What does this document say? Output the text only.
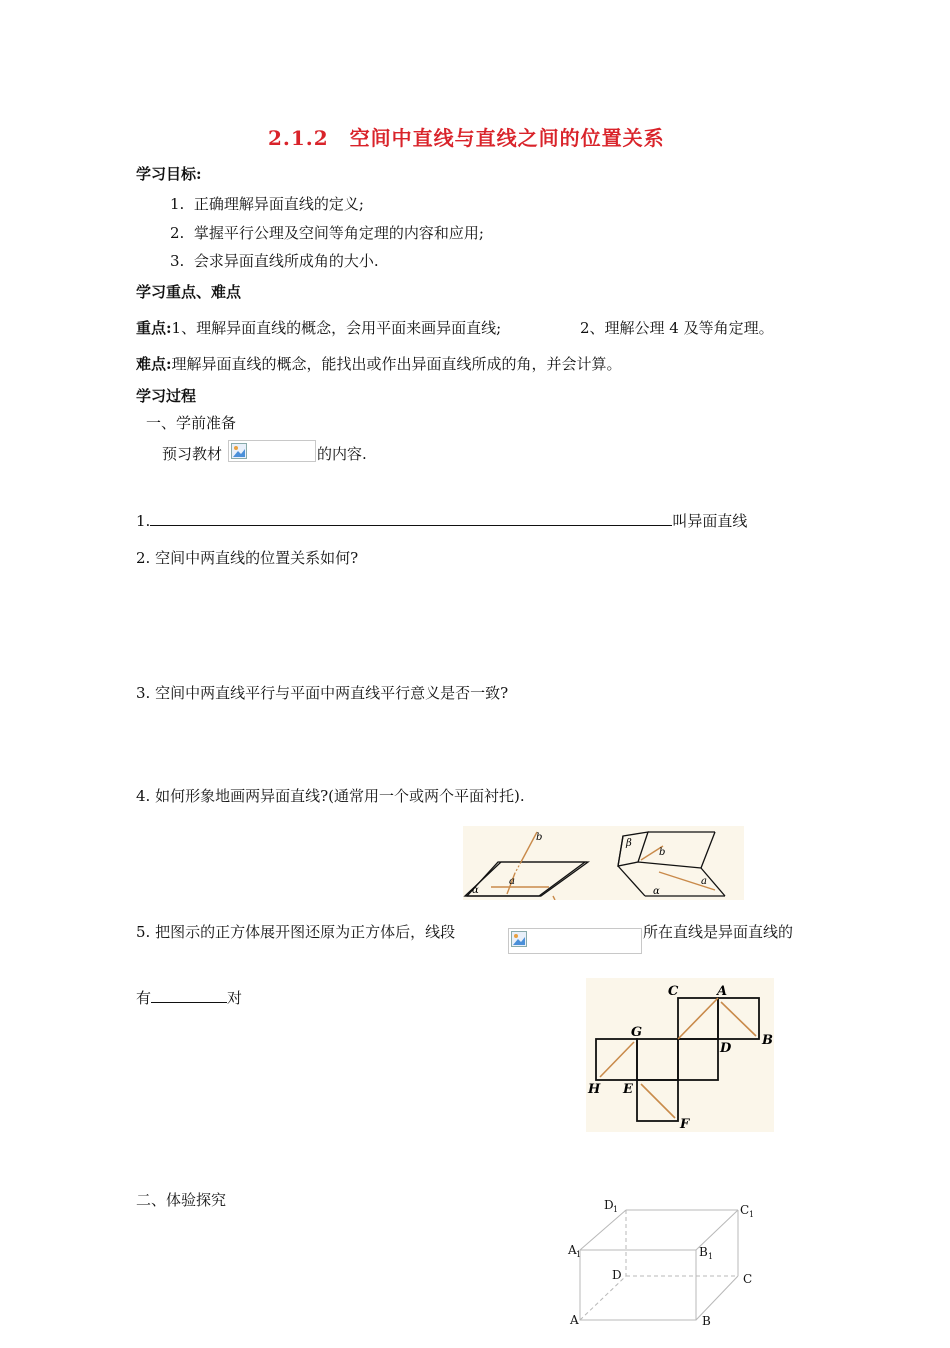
2.1.2　空间中直线与直线之间的位置关系
学习目标:
1. 正确理解异面直线的定义;
2. 掌握平行公理及空间等角定理的内容和应用;
3. 会求异面直线所成角的大小.
学习重点、难点
重点:1、理解异面直线的概念，会用平面来画异面直线;	2、理解公理 4 及等角定理。
难点:理解异面直线的概念，能找出或作出异面直线所成的角，并会计算。
学习过程
一、学前准备
预习教材	的内容.
1.	叫异面直线
2. 空间中两直线的位置关系如何?
3. 空间中两直线平行与平面中两直线平行意义是否一致?
4. 如何形象地画两异面直线?(通常用一个或两个平面衬托).
b
a
α
β
b
a
α
5. 把图示的正方体展开图还原为正方体后，线段	所在直线是异面直线的
有	对	C	A
G
D
B
H E
F
二、体验探究	D 1	C 1
A 1	B 1
D	C
A	B
